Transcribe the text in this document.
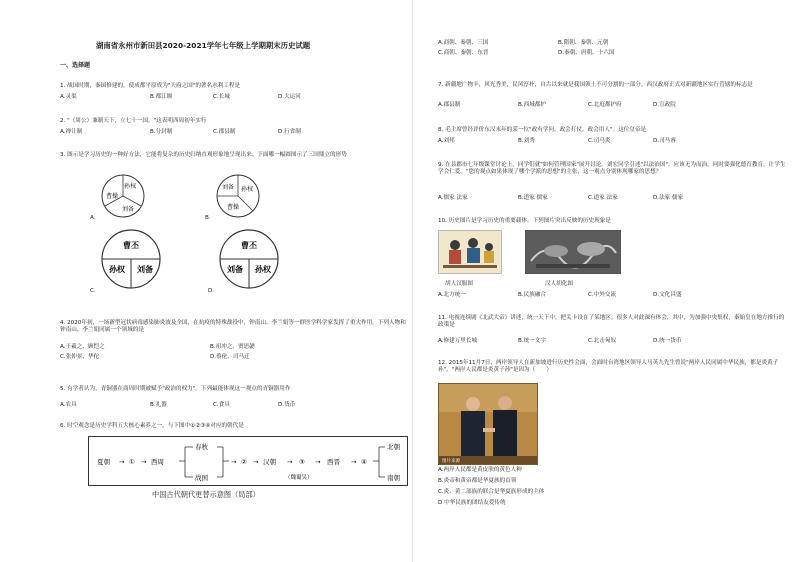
湖南省永州市新田县2020-2021学年七年级上学期期末历史试题
一、选择题
1. 战国时期，秦国修建的，使成都平原成为"天府之国"的著名水利工程是
A.灵渠	B.都江堰	C.长城	D.大运河
2. "（周公）兼制天下，立七十一国。"这表明西周初年实行
A.禅让制	B.分封制	C.郡县制	D.行省制
3. 图示是学习历史的一种好方法，它能将复杂的历史归纳直观形象地呈现出来。下面哪一幅圆图示了三国鼎立的形势
孙权
曹操
刘备
A.
孙权
刘备
曹操
B.
曹丕
孙权 刘备
C.
曹丕
刘备 孙权
D.
4. 2020年初，一场新型冠状病毒感染肺炎波及全国，在抗疫的特殊战役中，钟南山、李兰娟等一群医学科学家发挥了重大作用。下列人物和钟南山、李兰娟同属一个领域的是
A.王羲之、顾恺之	B.祖冲之、贾思勰
C.张仲景、华佗	D.蔡伦、司马迁
5. 有学者认为，青铜器在商周时期被赋予"政治的权力"。下列最能体现这一观点的青铜器用作
A.农具	B.礼器	C.食具	D.货币
6. 时空观念是历史学科五大核心素养之一。与下图中①②③④对应的朝代是
夏朝 → ① → 西周
春秋
战国
→ ② → 汉朝 → ③
（魏蜀吴）
→ 西晋 → ④
北朝
南朝
中国古代朝代更替示意图（局部）
A.商朝、秦朝、三国	B.隋朝、秦朝、元朝
C.商朝、秦朝、东晋	D.秦朝、唐朝、十六国
7. 新疆地广物丰，风光秀美，民风淳朴，自古以来就是我国领土不可分割的一部分。西汉政府正式对新疆地区实行管辖的标志是
A.郡县制	B.西域都护	C.北庭都护府	D.宣政院
8. 毛主席曾经评价东汉末年的某一位"政有学问，政会打仗，政会用人"。这位皇帝是
A.刘邦	B.刘秀	C.司马炎	D.司马睿
9. 在县郡市七年级课堂讨论上，同学们就"如何管理国家"展开讨论。刘宏同学引述"以法治国"，应该无为而治，同时要强化德育教育，让学生学会仁爱。"您的观点如果体现了哪个学派的思想"的主张，这一观点分别体现哪家的思想？
A.儒家 法家	B.道家 儒家	C.道家 法家	D.法家 儒家
10. 历史图片是学习历史的重要载体。下列图片突出反映的历史现象是
胡人汉服图	汉人胡化图
A.北方统一	B.民族融合	C.中外交流	D.文化昌盛
11. 电视连续剧《北武大帝》讲述，统一天下中，把关卡设在了某地区。很多人对此深有体会，其中，为加强中央集权，秦始皇在地方推行的政策是
A.修建万里长城	B.统一文字	C.北击匈奴	D.统一货币
12. 2015年11月7日，两岸领导人在新加坡进行历史性会面，会面时台湾地区领导人马英九先生曾说"两岸人民同属中华民族，都是炎黄子孙"。"两岸人民都是炎黄子孙"是因为（　　）
图片来源
A.两岸人民都是黄皮肤的黄色人种
B.炎帝和黄帝都是华夏族的首领
C.炎、黄二部族的联合是华夏族形成的主体
D.中华民族的团结友爱传统
